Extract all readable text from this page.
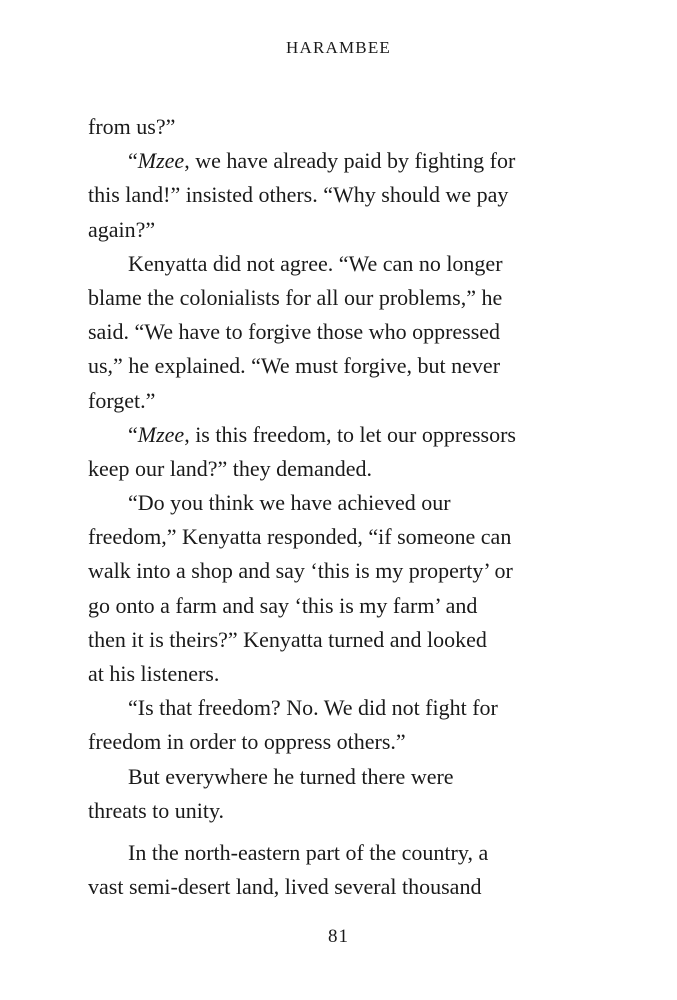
HARAMBEE
from us?”
“Mzee, we have already paid by fighting for
this land!” insisted others. “Why should we pay
again?”
Kenyatta did not agree. “We can no longer
blame the colonialists for all our problems,” he
said. “We have to forgive those who oppressed
us,” he explained. “We must forgive, but never
forget.”
“Mzee, is this freedom, to let our oppressors
keep our land?” they demanded.
“Do you think we have achieved our
freedom,” Kenyatta responded, “if someone can
walk into a shop and say ‘this is my property’ or
go onto a farm and say ‘this is my farm’ and
then it is theirs?” Kenyatta turned and looked
at his listeners.
“Is that freedom? No. We did not fight for
freedom in order to oppress others.”
But everywhere he turned there were
threats to unity.
In the north-eastern part of the country, a
vast semi-desert land, lived several thousand
81
